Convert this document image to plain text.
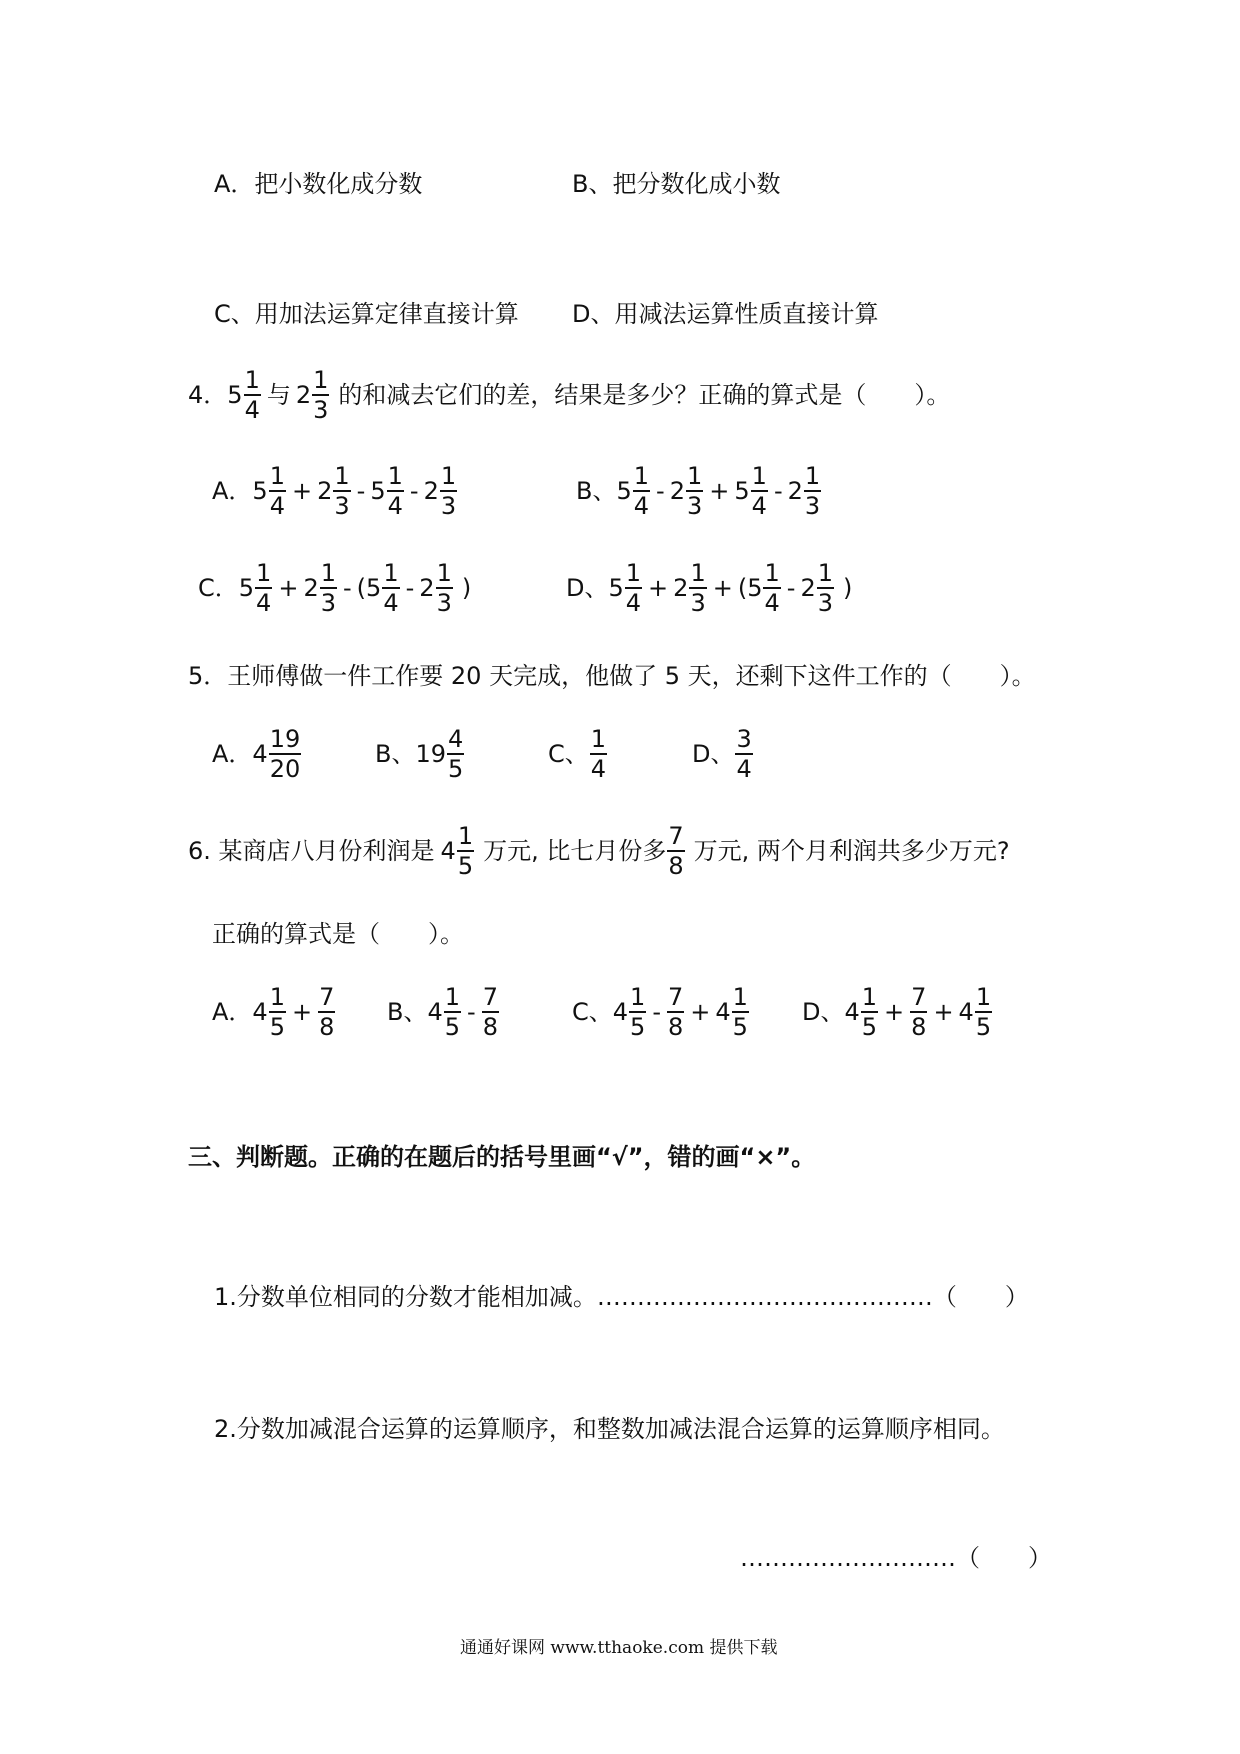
A．把小数化成分数	B、把分数化成小数
C、用加法运算定律直接计算 D、用减法运算性质直接计算
4． $5 \frac{1}{4}$ 与 $2 \frac{1}{3}$ 的和减去它们的差，结果是多少？正确的算式是（　　）。
A． $5 \frac{1}{4} + 2 \frac{1}{3} - 5 \frac{1}{4} - 2 \frac{1}{3}$	B、 $5 \frac{1}{4} - 2 \frac{1}{3} + 5 \frac{1}{4} - 2 \frac{1}{3}$
C． $5 \frac{1}{4} + 2 \frac{1}{3}$ - ( $5 \frac{1}{4} - 2 \frac{1}{3}$ )	D、 $5 \frac{1}{4} + 2 \frac{1}{3}$ + ( $5 \frac{1}{4} - 2 \frac{1}{3}$ )
5．王师傅做一件工作要 20 天完成，他做了 5 天，还剩下这件工作的（　　）。
A． $4 \frac{19}{20}$	B、 $19 \frac{4}{5}$	C、 $\frac{1}{4}$	D、 $\frac{3}{4}$
6. 某商店八月份利润是 $4 \frac{1}{5}$ 万元, 比七月份多 $\frac{7}{8}$ 万元, 两个月利润共多少万元?
正确的算式是（　　）。
A． $4 \frac{1}{5} + \frac{7}{8}$ B、 $4 \frac{1}{5} - \frac{7}{8}$	C、 $4 \frac{1}{5} - \frac{7}{8} + 4 \frac{1}{5}$ D、 $4 \frac{1}{5} + \frac{7}{8} + 4 \frac{1}{5}$
三、判断题。正确的在题后的括号里画“√”，错的画“×”。
1.分数单位相同的分数才能相加减。……………………………………（　　）
2.分数加减混合运算的运算顺序，和整数加减法混合运算的运算顺序相同。
………………………（　　）
通通好课网 www.tthaoke.com 提供下载
